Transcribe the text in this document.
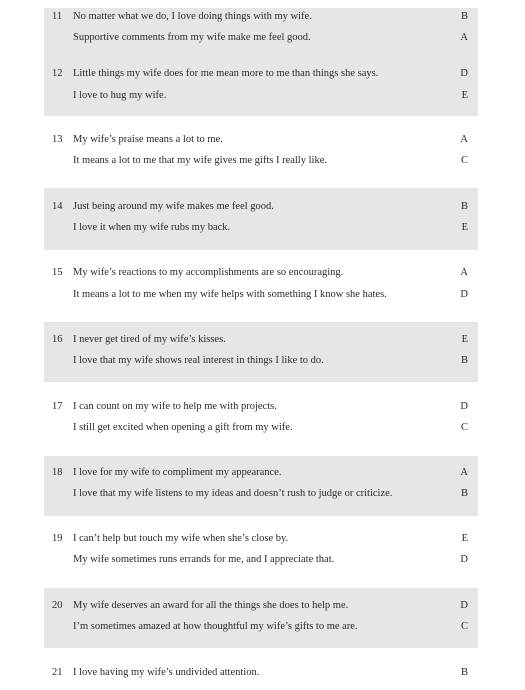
11 No matter what we do, I love doing things with my wife.	B
Supportive comments from my wife make me feel good.	A
12 Little things my wife does for me mean more to me than things she says.	D
I love to hug my wife.	E
13 My wife’s praise means a lot to me.	A
It means a lot to me that my wife gives me gifts I really like.	C
14 Just being around my wife makes me feel good.	B
I love it when my wife rubs my back.	E
15 My wife’s reactions to my accomplishments are so encouraging.	A
It means a lot to me when my wife helps with something I know she hates.	D
16 I never get tired of my wife’s kisses.	E
I love that my wife shows real interest in things I like to do.	B
17 I can count on my wife to help me with projects.	D
I still get excited when opening a gift from my wife.	C
18 I love for my wife to compliment my appearance.	A
I love that my wife listens to my ideas and doesn’t rush to judge or criticize.	B
19 I can’t help but touch my wife when she’s close by.	E
My wife sometimes runs errands for me, and I appreciate that.	D
20 My wife deserves an award for all the things she does to help me.	D
I’m sometimes amazed at how thoughtful my wife’s gifts to me are.	C
21 I love having my wife’s undivided attention.	B
